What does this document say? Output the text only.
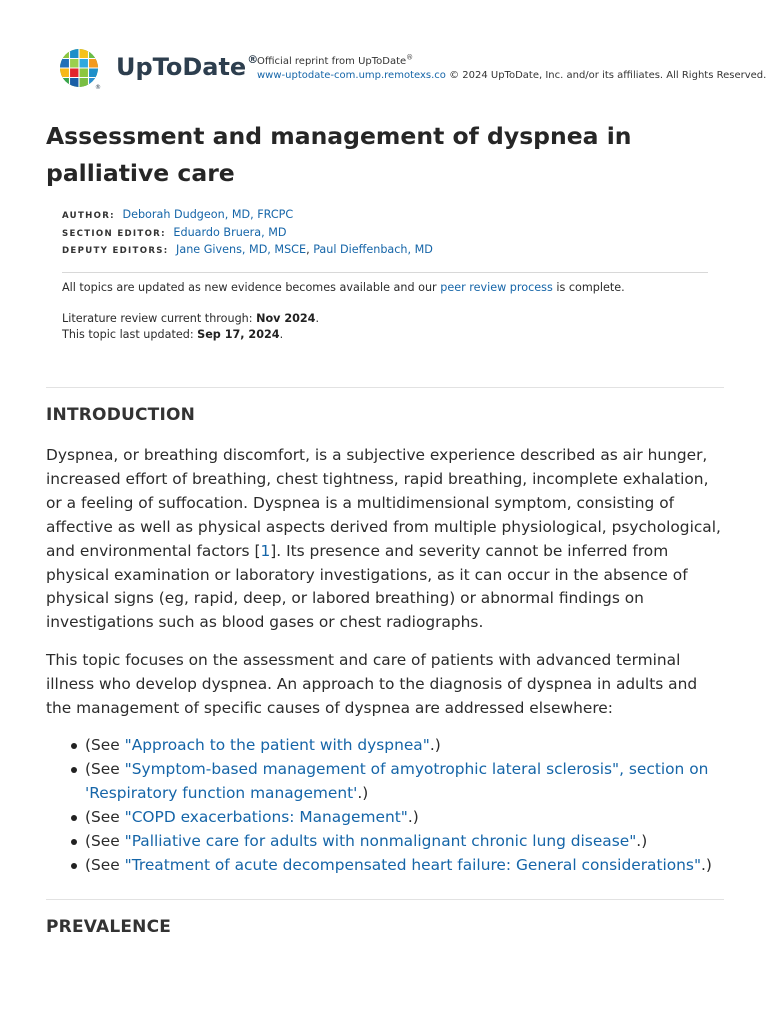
®
UpToDate®
Official reprint from UpToDate®
www-uptodate-com.ump.remotexs.co © 2024 UpToDate, Inc. and/or its affiliates. All Rights Reserved.
Assessment and management of dyspnea in palliative care
AUTHOR: Deborah Dudgeon, MD, FRCPC
SECTION EDITOR: Eduardo Bruera, MD
DEPUTY EDITORS: Jane Givens, MD, MSCE, Paul Dieffenbach, MD
All topics are updated as new evidence becomes available and our peer review process is complete.
Literature review current through: Nov 2024.
This topic last updated: Sep 17, 2024.
INTRODUCTION

Dyspnea, or breathing discomfort, is a subjective experience described as air hunger, increased effort of breathing, chest tightness, rapid breathing, incomplete exhalation, or a feeling of suffocation. Dyspnea is a multidimensional symptom, consisting of affective as well as physical aspects derived from multiple physiological, psychological, and environmental factors [1]. Its presence and severity cannot be inferred from physical examination or laboratory investigations, as it can occur in the absence of physical signs (eg, rapid, deep, or labored breathing) or abnormal findings on investigations such as blood gases or chest radiographs.

This topic focuses on the assessment and care of patients with advanced terminal illness who develop dyspnea. An approach to the diagnosis of dyspnea in adults and the management of specific causes of dyspnea are addressed elsewhere:

(See "Approach to the patient with dyspnea".)
(See "Symptom-based management of amyotrophic lateral sclerosis", section on 'Respiratory function management'.)
(See "COPD exacerbations: Management".)
(See "Palliative care for adults with nonmalignant chronic lung disease".)
(See "Treatment of acute decompensated heart failure: General considerations".)
PREVALENCE
